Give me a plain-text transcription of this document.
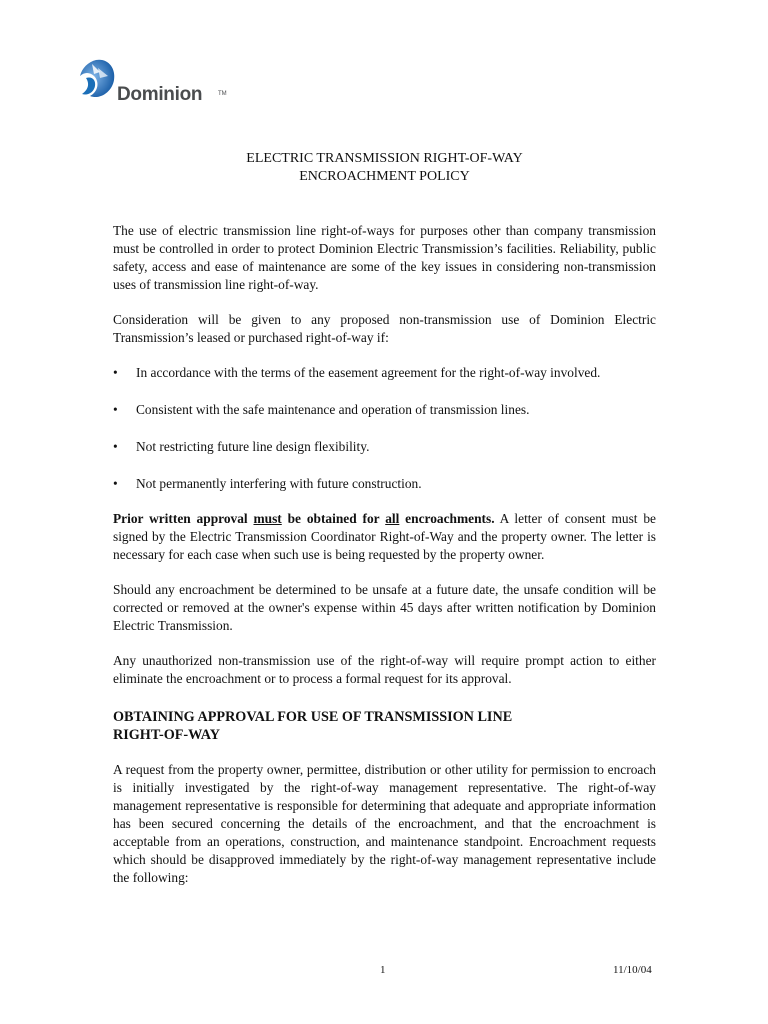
Dominion	TM
ELECTRIC TRANSMISSION RIGHT-OF-WAY
ENCROACHMENT POLICY

The use of electric transmission line right-of-ways for purposes other than company transmission must be controlled in order to protect Dominion Electric Transmission’s facilities. Reliability, public safety, access and ease of maintenance are some of the key issues in considering non-transmission uses of transmission line right-of-way.

Consideration will be given to any proposed non-transmission use of Dominion Electric Transmission’s leased or purchased right-of-way if:

• In accordance with the terms of the easement agreement for the right-of-way involved.
• Consistent with the safe maintenance and operation of transmission lines.
• Not restricting future line design flexibility.
• Not permanently interfering with future construction.

Prior written approval must be obtained for all encroachments. A letter of consent must be signed by the Electric Transmission Coordinator Right-of-Way and the property owner. The letter is necessary for each case when such use is being requested by the property owner.

Should any encroachment be determined to be unsafe at a future date, the unsafe condition will be corrected or removed at the owner's expense within 45 days after written notification by Dominion Electric Transmission.

Any unauthorized non-transmission use of the right-of-way will require prompt action to either eliminate the encroachment or to process a formal request for its approval.

OBTAINING APPROVAL FOR USE OF TRANSMISSION LINE
RIGHT-OF-WAY

A request from the property owner, permittee, distribution or other utility for permission to encroach is initially investigated by the right-of-way management representative. The right-of-way management representative is responsible for determining that adequate and appropriate information has been secured concerning the details of the encroachment, and that the encroachment is acceptable from an operations, construction, and maintenance standpoint. Encroachment requests which should be disapproved immediately by the right-of-way management representative include the following:

1	11/10/04
